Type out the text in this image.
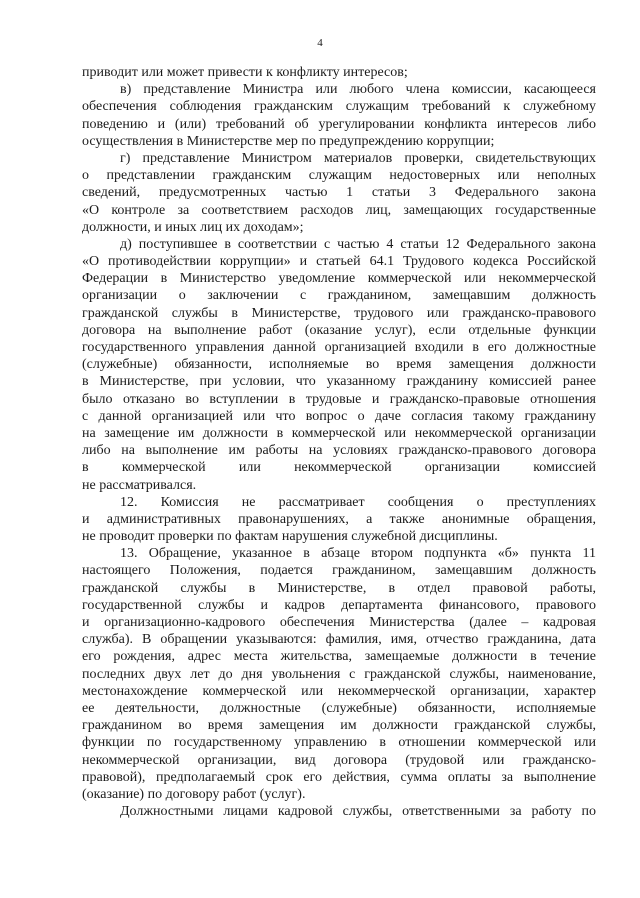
4
приводит или может привести к конфликту интересов;
в) представление Министра или любого члена комиссии, касающееся
обеспечения соблюдения гражданским служащим требований к служебному
поведению и (или) требований об урегулировании конфликта интересов либо
осуществления в Министерстве мер по предупреждению коррупции;
г) представление Министром материалов проверки, свидетельствующих
о представлении гражданским служащим недостоверных или неполных
сведений, предусмотренных частью 1 статьи 3 Федерального закона
«О контроле за соответствием расходов лиц, замещающих государственные
должности, и иных лиц их доходам»;
д) поступившее в соответствии с частью 4 статьи 12 Федерального закона
«О противодействии коррупции» и статьей 64.1 Трудового кодекса Российской
Федерации в Министерство уведомление коммерческой или некоммерческой
организации о заключении с гражданином, замещавшим должность
гражданской службы в Министерстве, трудового или гражданско-правового
договора на выполнение работ (оказание услуг), если отдельные функции
государственного управления данной организацией входили в его должностные
(служебные) обязанности, исполняемые во время замещения должности
в Министерстве, при условии, что указанному гражданину комиссией ранее
было отказано во вступлении в трудовые и гражданско-правовые отношения
с данной организацией или что вопрос о даче согласия такому гражданину
на замещение им должности в коммерческой или некоммерческой организации
либо на выполнение им работы на условиях гражданско-правового договора
в коммерческой или некоммерческой организации комиссией
не рассматривался.
12. Комиссия не рассматривает сообщения о преступлениях
и административных правонарушениях, а также анонимные обращения,
не проводит проверки по фактам нарушения служебной дисциплины.
13. Обращение, указанное в абзаце втором подпункта «б» пункта 11
настоящего Положения, подается гражданином, замещавшим должность
гражданской службы в Министерстве, в отдел правовой работы,
государственной службы и кадров департамента финансового, правового
и организационно-кадрового обеспечения Министерства (далее – кадровая
служба). В обращении указываются: фамилия, имя, отчество гражданина, дата
его рождения, адрес места жительства, замещаемые должности в течение
последних двух лет до дня увольнения с гражданской службы, наименование,
местонахождение коммерческой или некоммерческой организации, характер
ее деятельности, должностные (служебные) обязанности, исполняемые
гражданином во время замещения им должности гражданской службы,
функции по государственному управлению в отношении коммерческой или
некоммерческой организации, вид договора (трудовой или гражданско-
правовой), предполагаемый срок его действия, сумма оплаты за выполнение
(оказание) по договору работ (услуг).
Должностными лицами кадровой службы, ответственными за работу по
